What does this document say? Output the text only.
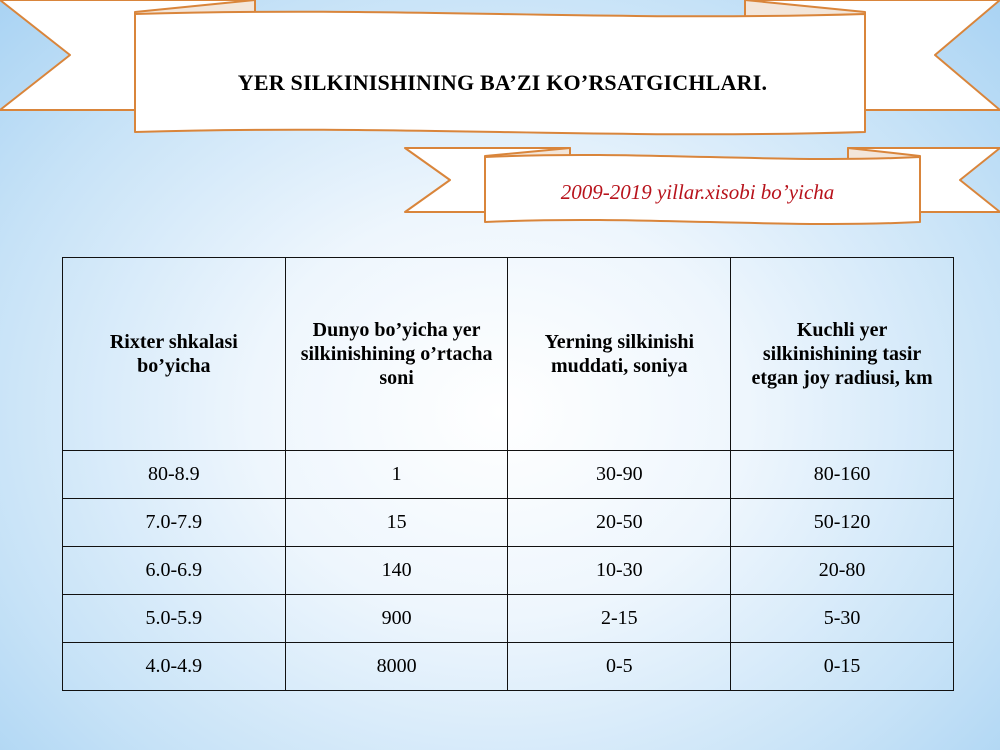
YER SILKINISHINING BA’ZI KO’RSATGICHLARI.
2009-2019 yillar.xisobi bo’yicha
Rixter shkalasi bo’yicha	Dunyo bo’yicha yer silkinishining o’rtacha soni	Yerning silkinishi muddati, soniya	Kuchli yer silkinishining tasir etgan joy radiusi, km
80-8.9	1	30-90	80-160
7.0-7.9	15	20-50	50-120
6.0-6.9	140	10-30	20-80
5.0-5.9	900	2-15	5-30
4.0-4.9	8000	0-5	0-15
